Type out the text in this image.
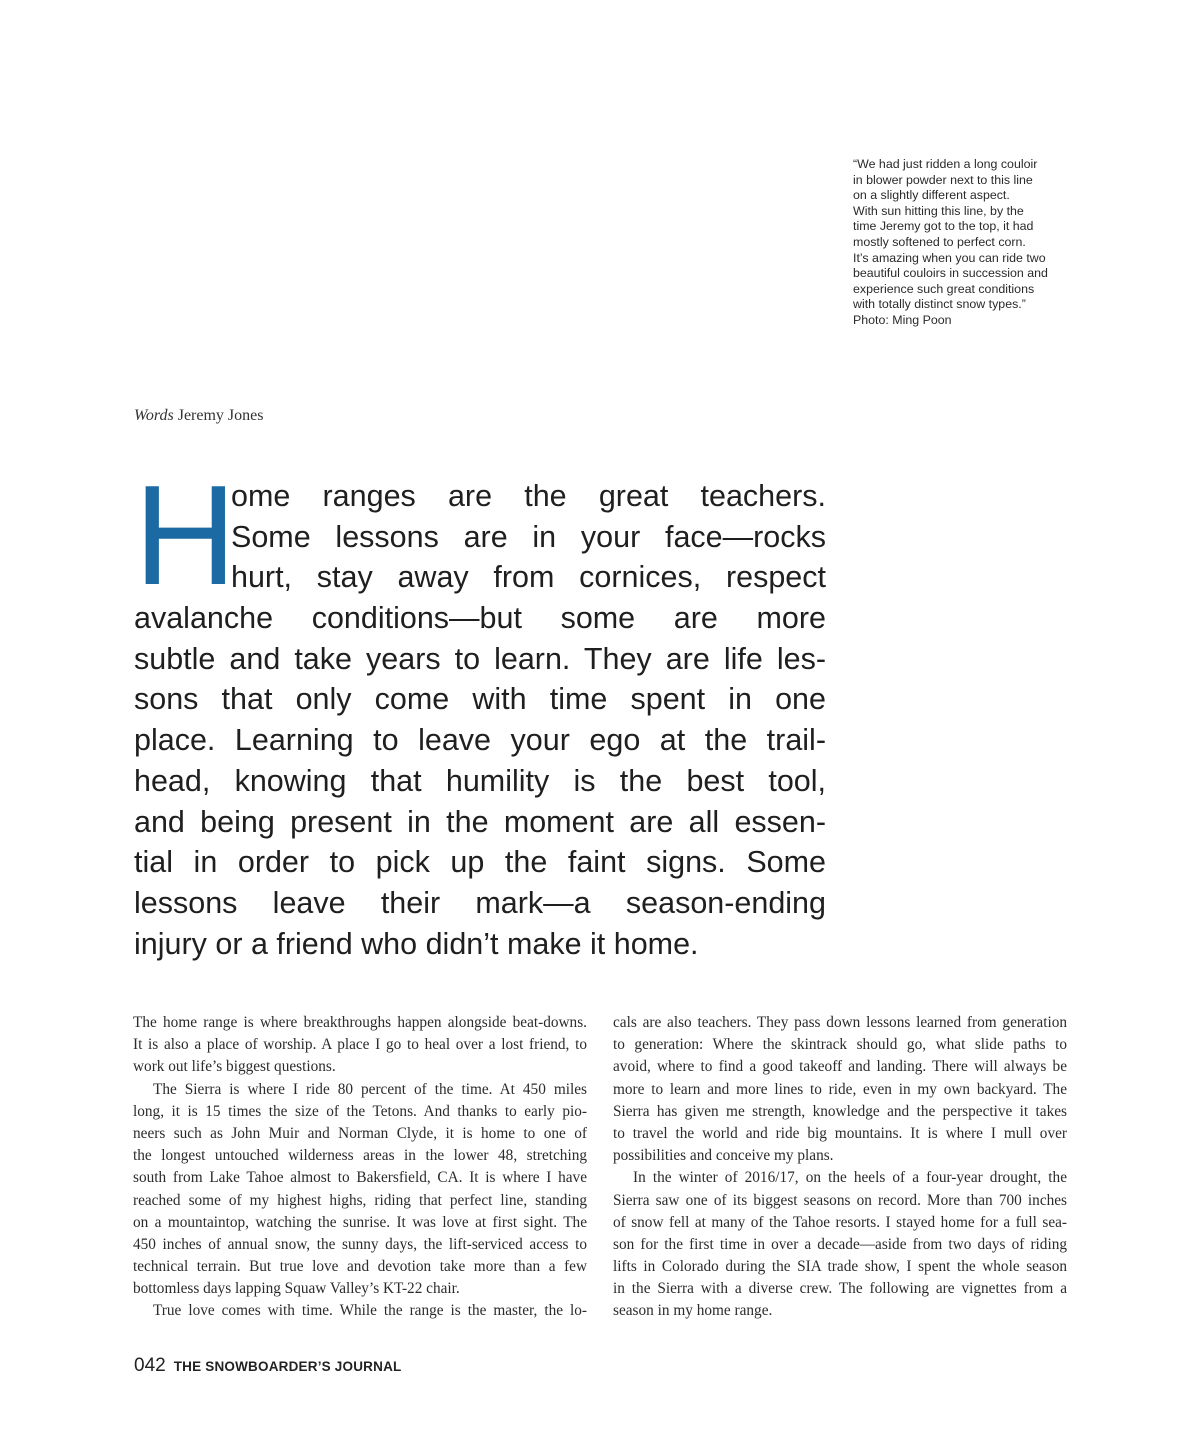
“We had just ridden a long couloir
in blower powder next to this line
on a slightly different aspect.
With sun hitting this line, by the
time Jeremy got to the top, it had
mostly softened to perfect corn.
It’s amazing when you can ride two
beautiful couloirs in succession and
experience such great conditions
with totally distinct snow types.”
Photo: Ming Poon
Words Jeremy Jones
H
ome ranges are the great teachers.
Some lessons are in your face—rocks
hurt, stay away from cornices, respect
avalanche conditions—but some are more
subtle and take years to learn. They are life les-
sons that only come with time spent in one
place. Learning to leave your ego at the trail-
head, knowing that humility is the best tool,
and being present in the moment are all essen-
tial in order to pick up the faint signs. Some
lessons leave their mark—a season-ending
injury or a friend who didn’t make it home.
The home range is where breakthroughs happen alongside beat-downs.
It is also a place of worship. A place I go to heal over a lost friend, to
work out life’s biggest questions.
The Sierra is where I ride 80 percent of the time. At 450 miles
long, it is 15 times the size of the Tetons. And thanks to early pio-
neers such as John Muir and Norman Clyde, it is home to one of
the longest untouched wilderness areas in the lower 48, stretching
south from Lake Tahoe almost to Bakersfield, CA. It is where I have
reached some of my highest highs, riding that perfect line, standing
on a mountaintop, watching the sunrise. It was love at first sight. The
450 inches of annual snow, the sunny days, the lift-serviced access to
technical terrain. But true love and devotion take more than a few
bottomless days lapping Squaw Valley’s KT-22 chair.
True love comes with time. While the range is the master, the lo-
cals are also teachers. They pass down lessons learned from generation
to generation: Where the skintrack should go, what slide paths to
avoid, where to find a good takeoff and landing. There will always be
more to learn and more lines to ride, even in my own backyard. The
Sierra has given me strength, knowledge and the perspective it takes
to travel the world and ride big mountains. It is where I mull over
possibilities and conceive my plans.
In the winter of 2016/17, on the heels of a four-year drought, the
Sierra saw one of its biggest seasons on record. More than 700 inches
of snow fell at many of the Tahoe resorts. I stayed home for a full sea-
son for the first time in over a decade—aside from two days of riding
lifts in Colorado during the SIA trade show, I spent the whole season
in the Sierra with a diverse crew. The following are vignettes from a
season in my home range.
042 THE SNOWBOARDER’S JOURNAL
